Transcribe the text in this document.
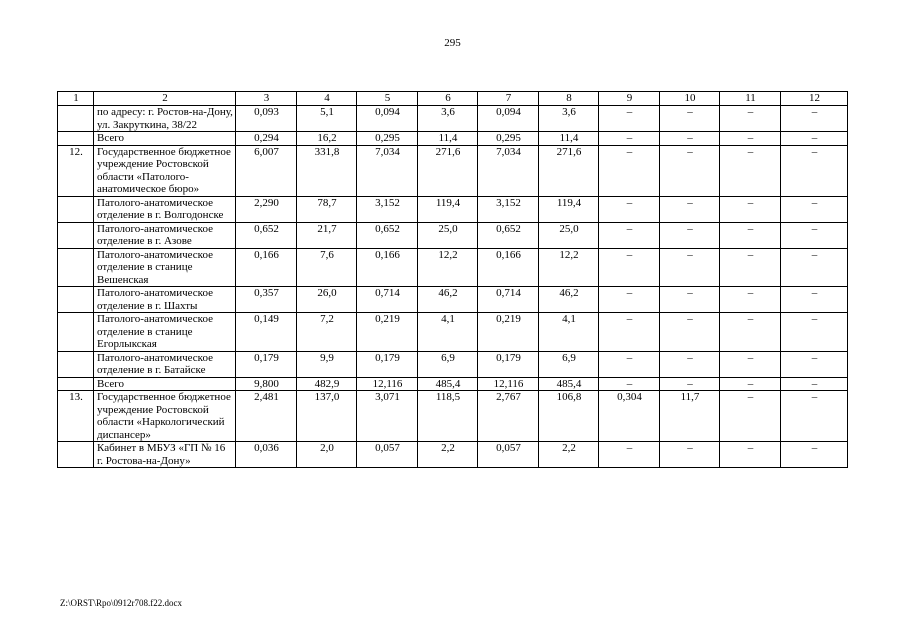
295
1	2	3	4	5	6	7	8	9	10	11	12
	по адресу: г. Ростов-на-Дону, ул. Закруткина, 38/22	0,093	5,1	0,094	3,6	0,094	3,6	–	–	–	–
	Всего	0,294	16,2	0,295	11,4	0,295	11,4	–	–	–	–
12.	Государственное бюджетное учреждение Ростовской области «Патолого-анатомическое бюро»	6,007	331,8	7,034	271,6	7,034	271,6	–	–	–	–
	Патолого-анатомическое отделение в г. Волгодонске	2,290	78,7	3,152	119,4	3,152	119,4	–	–	–	–
	Патолого-анатомическое отделение в г. Азове	0,652	21,7	0,652	25,0	0,652	25,0	–	–	–	–
	Патолого-анатомическое отделение в станице Вешенская	0,166	7,6	0,166	12,2	0,166	12,2	–	–	–	–
	Патолого-анатомическое отделение в г. Шахты	0,357	26,0	0,714	46,2	0,714	46,2	–	–	–	–
	Патолого-анатомическое отделение в станице Егорлыкская	0,149	7,2	0,219	4,1	0,219	4,1	–	–	–	–
	Патолого-анатомическое отделение в г. Батайске	0,179	9,9	0,179	6,9	0,179	6,9	–	–	–	–
	Всего	9,800	482,9	12,116	485,4	12,116	485,4	–	–	–	–
13.	Государственное бюджетное учреждение Ростовской области «Наркологический диспансер»	2,481	137,0	3,071	118,5	2,767	106,8	0,304	11,7	–	–
	Кабинет в МБУЗ «ГП № 16 г. Ростова-на-Дону»	0,036	2,0	0,057	2,2	0,057	2,2	–	–	–	–
Z:\ORST\Rpo\0912r708.f22.docx
